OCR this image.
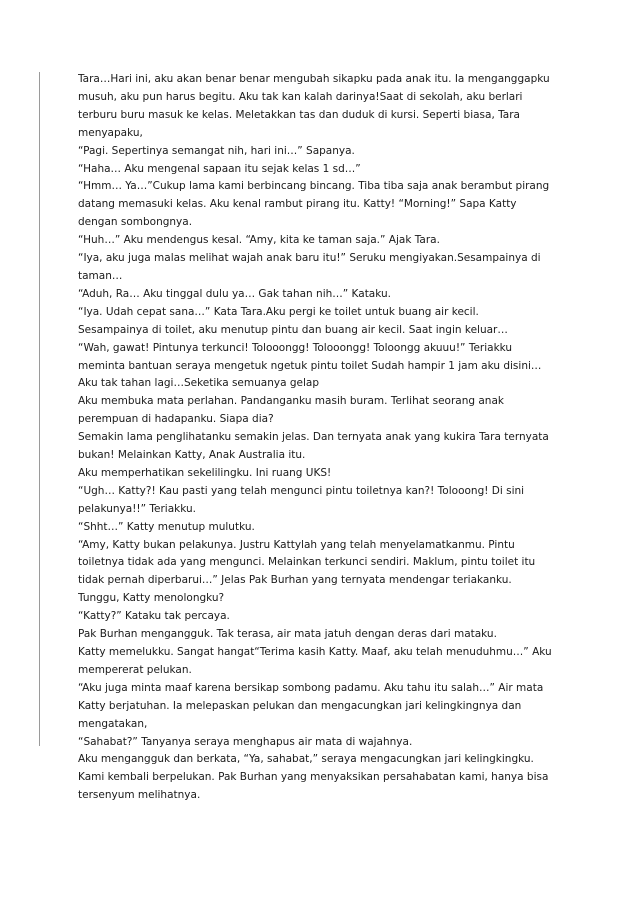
Tara…Hari ini, aku akan benar benar mengubah sikapku pada anak itu. Ia menganggapku
musuh, aku pun harus begitu. Aku tak kan kalah darinya!Saat di sekolah, aku berlari
terburu buru masuk ke kelas. Meletakkan tas dan duduk di kursi. Seperti biasa, Tara
menyapaku,
“Pagi. Sepertinya semangat nih, hari ini…” Sapanya.
“Haha… Aku mengenal sapaan itu sejak kelas 1 sd…”
“Hmm… Ya…”Cukup lama kami berbincang bincang. Tiba tiba saja anak berambut pirang
datang memasuki kelas. Aku kenal rambut pirang itu. Katty! “Morning!” Sapa Katty
dengan sombongnya.
“Huh…” Aku mendengus kesal. “Amy, kita ke taman saja.” Ajak Tara.
“Iya, aku juga malas melihat wajah anak baru itu!” Seruku mengiyakan.Sesampainya di
taman…
“Aduh, Ra… Aku tinggal dulu ya… Gak tahan nih…” Kataku.
“Iya. Udah cepat sana…” Kata Tara.Aku pergi ke toilet untuk buang air kecil.
Sesampainya di toilet, aku menutup pintu dan buang air kecil. Saat ingin keluar…
“Wah, gawat! Pintunya terkunci! Tolooongg! Tolooongg! Toloongg akuuu!” Teriakku
meminta bantuan seraya mengetuk ngetuk pintu toilet Sudah hampir 1 jam aku disini…
Aku tak tahan lagi…Seketika semuanya gelap
Aku membuka mata perlahan. Pandanganku masih buram. Terlihat seorang anak
perempuan di hadapanku. Siapa dia?
Semakin lama penglihatanku semakin jelas. Dan ternyata anak yang kukira Tara ternyata
bukan! Melainkan Katty, Anak Australia itu.
Aku memperhatikan sekelilingku. Ini ruang UKS!
“Ugh… Katty?! Kau pasti yang telah mengunci pintu toiletnya kan?! Tolooong! Di sini
pelakunya!!” Teriakku.
“Shht…” Katty menutup mulutku.
“Amy, Katty bukan pelakunya. Justru Kattylah yang telah menyelamatkanmu. Pintu
toiletnya tidak ada yang mengunci. Melainkan terkunci sendiri. Maklum, pintu toilet itu
tidak pernah diperbarui…” Jelas Pak Burhan yang ternyata mendengar teriakanku.
Tunggu, Katty menolongku?
“Katty?” Kataku tak percaya.
Pak Burhan mengangguk. Tak terasa, air mata jatuh dengan deras dari mataku.
Katty memelukku. Sangat hangat“Terima kasih Katty. Maaf, aku telah menuduhmu…” Aku
mempererat pelukan.
“Aku juga minta maaf karena bersikap sombong padamu. Aku tahu itu salah…” Air mata
Katty berjatuhan. Ia melepaskan pelukan dan mengacungkan jari kelingkingnya dan
mengatakan,
“Sahabat?” Tanyanya seraya menghapus air mata di wajahnya.
Aku mengangguk dan berkata, “Ya, sahabat,” seraya mengacungkan jari kelingkingku.
Kami kembali berpelukan. Pak Burhan yang menyaksikan persahabatan kami, hanya bisa
tersenyum melihatnya.
